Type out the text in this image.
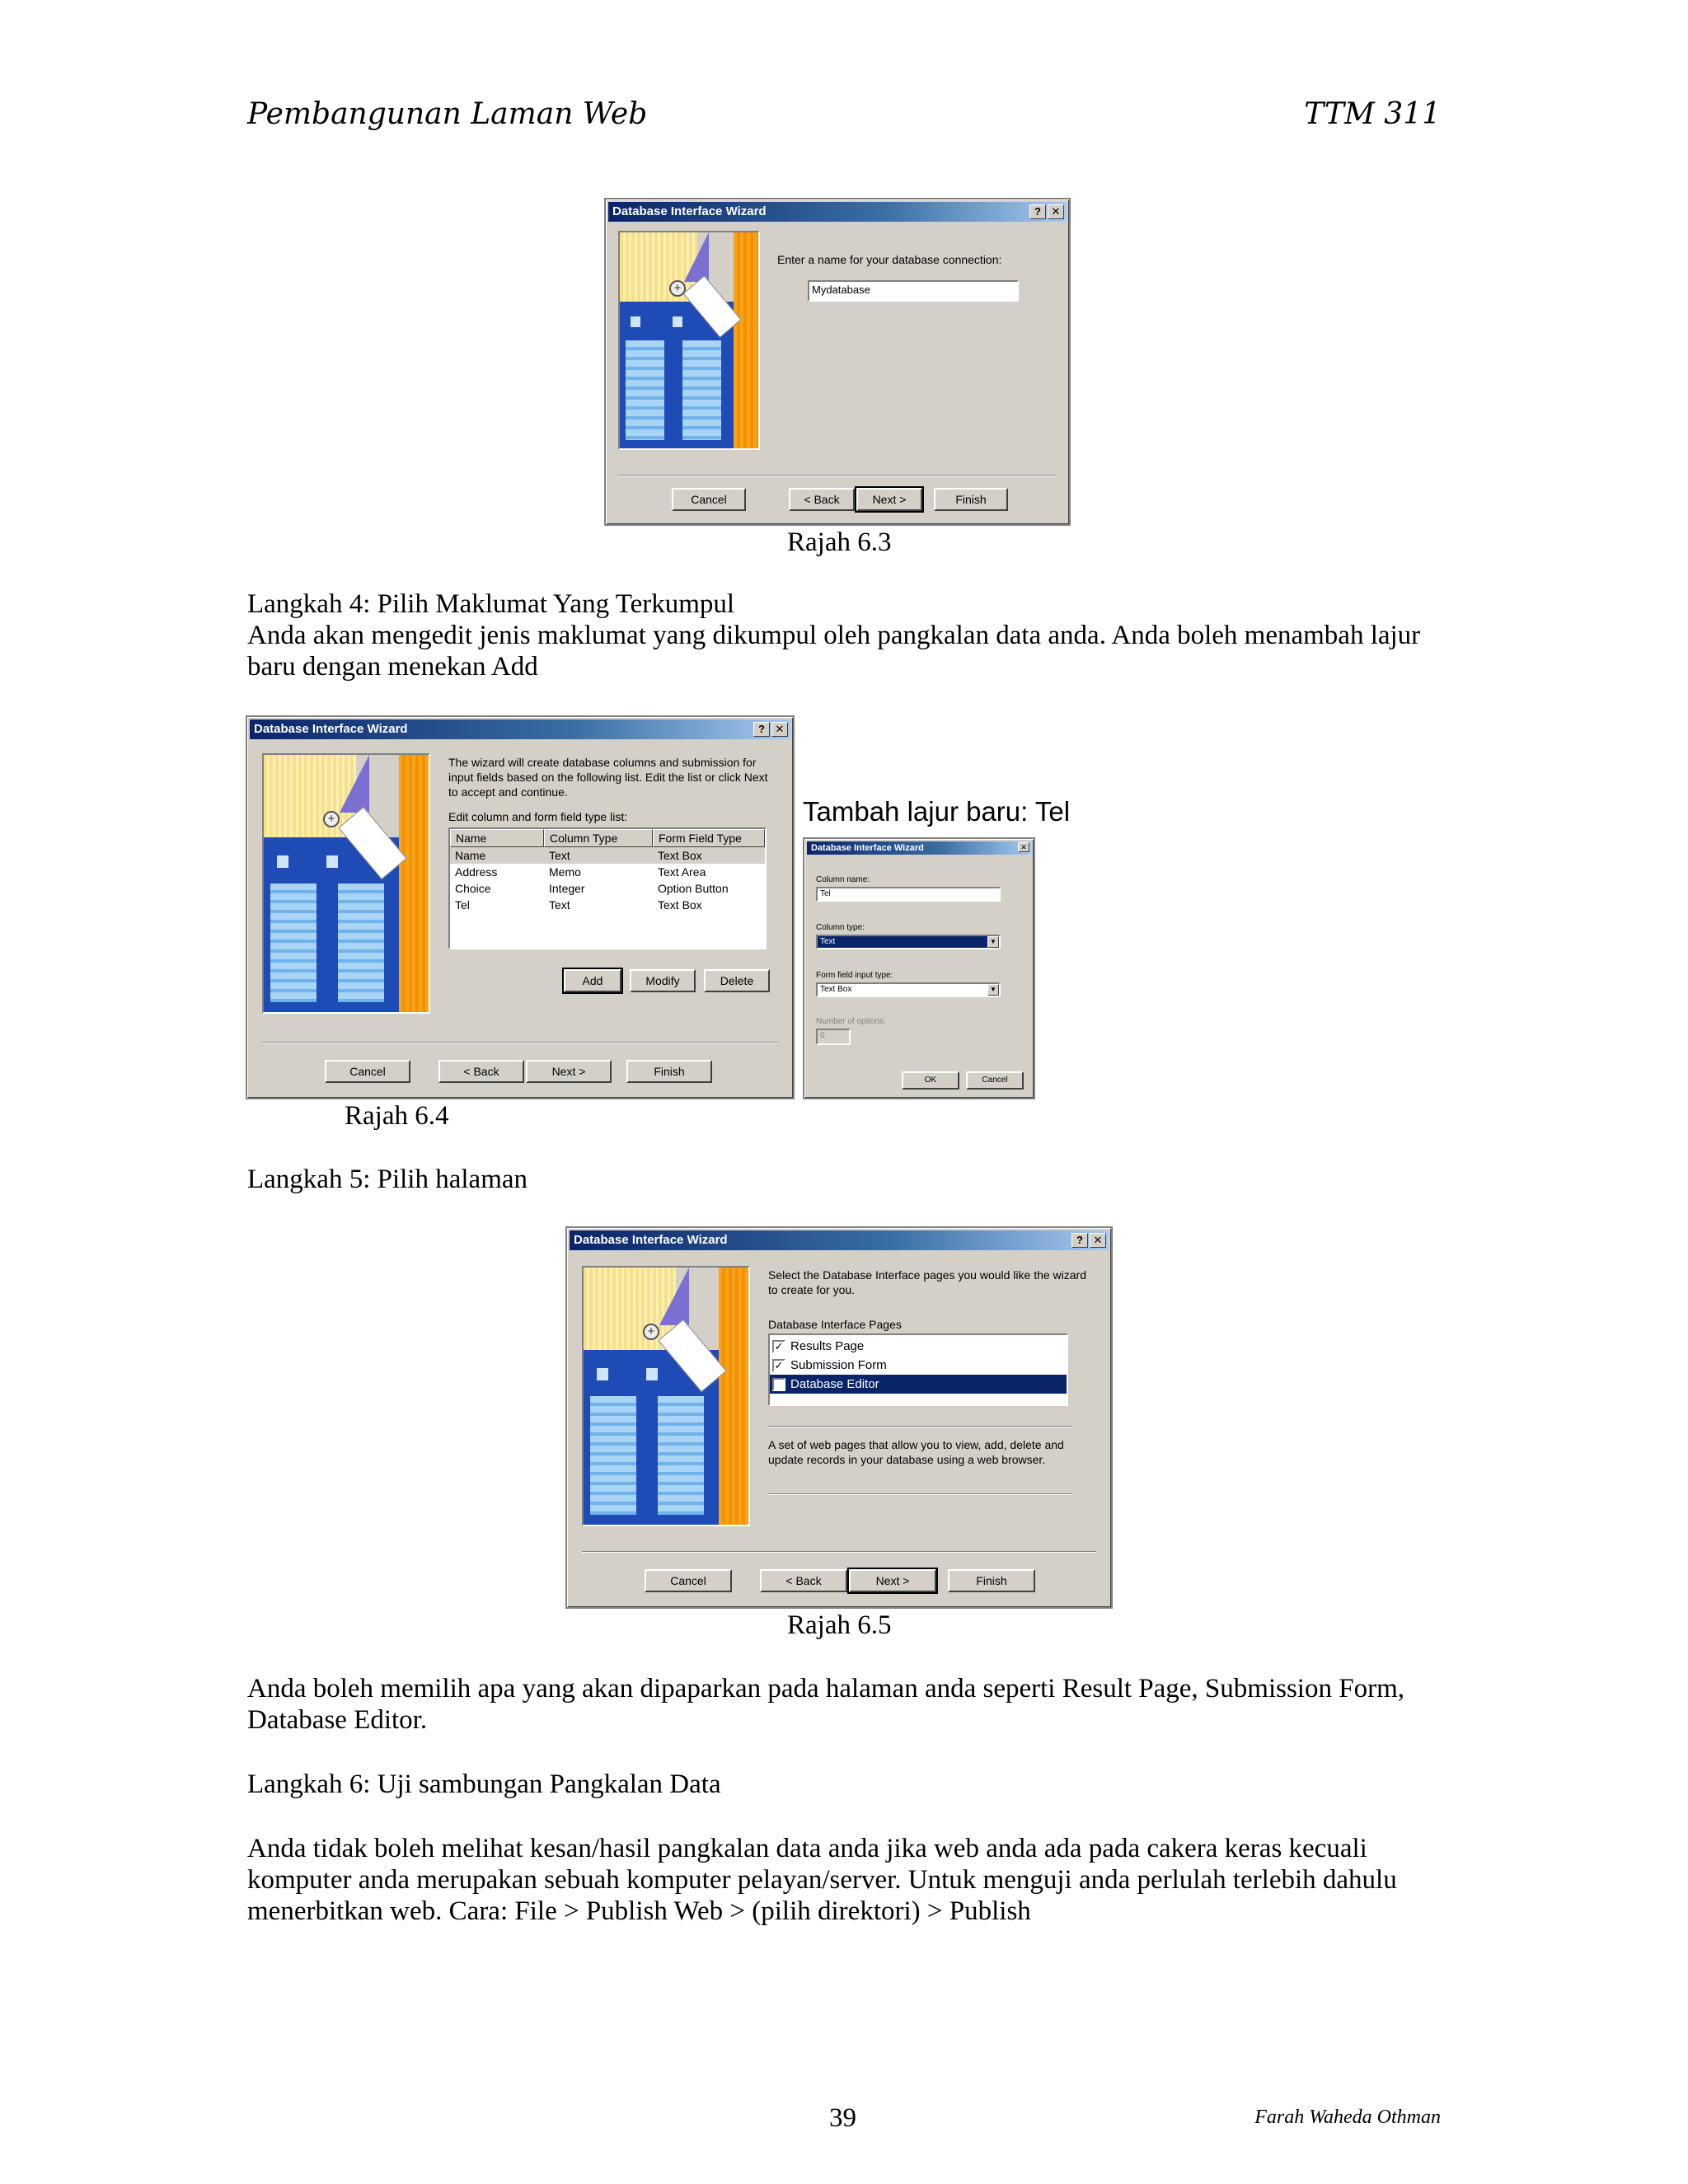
Pembangunan Laman Web	TTM 311
Database Interface Wizard	? ✕
+
Enter a name for your database connection:
Mydatabase
Cancel	< Back	Next >	Finish
Rajah 6.3
Langkah 4: Pilih Maklumat Yang Terkumpul
Anda akan mengedit jenis maklumat yang dikumpul oleh pangkalan data anda. Anda boleh menambah lajur baru dengan menekan Add
Database Interface Wizard	? ✕
+
The wizard will create database columns and submission for input fields based on the following list. Edit the list or click Next to accept and continue.
Edit column and form field type list:
Name	Column Type	Form Field Type
Name	Text	Text Box
Address	Memo	Text Area
Choice	Integer	Option Button
Tel	Text	Text Box
Add	Modify	Delete
Cancel	< Back	Next >	Finish
Tambah lajur baru: Tel
Database Interface Wizard	✕
Column name:
Tel
Column type:
Text	▼
Form field input type:
Text Box	▼
Number of options:
0
OK	Cancel
Rajah 6.4
Langkah 5: Pilih halaman
Database Interface Wizard	? ✕
+
Select the Database Interface pages you would like the wizard to create for you.
Database Interface Pages
✓ Results Page
✓ Submission Form
Database Editor
A set of web pages that allow you to view, add, delete and update records in your database using a web browser.
Cancel	< Back	Next >	Finish
Rajah 6.5
Anda boleh memilih apa yang akan dipaparkan pada halaman anda seperti Result Page, Submission Form, Database Editor.
Langkah 6: Uji sambungan Pangkalan Data
Anda tidak boleh melihat kesan/hasil pangkalan data anda jika web anda ada pada cakera keras kecuali komputer anda merupakan sebuah komputer pelayan/server. Untuk menguji anda perlulah terlebih dahulu menerbitkan web. Cara: File > Publish Web > (pilih direktori) > Publish
39	Farah Waheda Othman
